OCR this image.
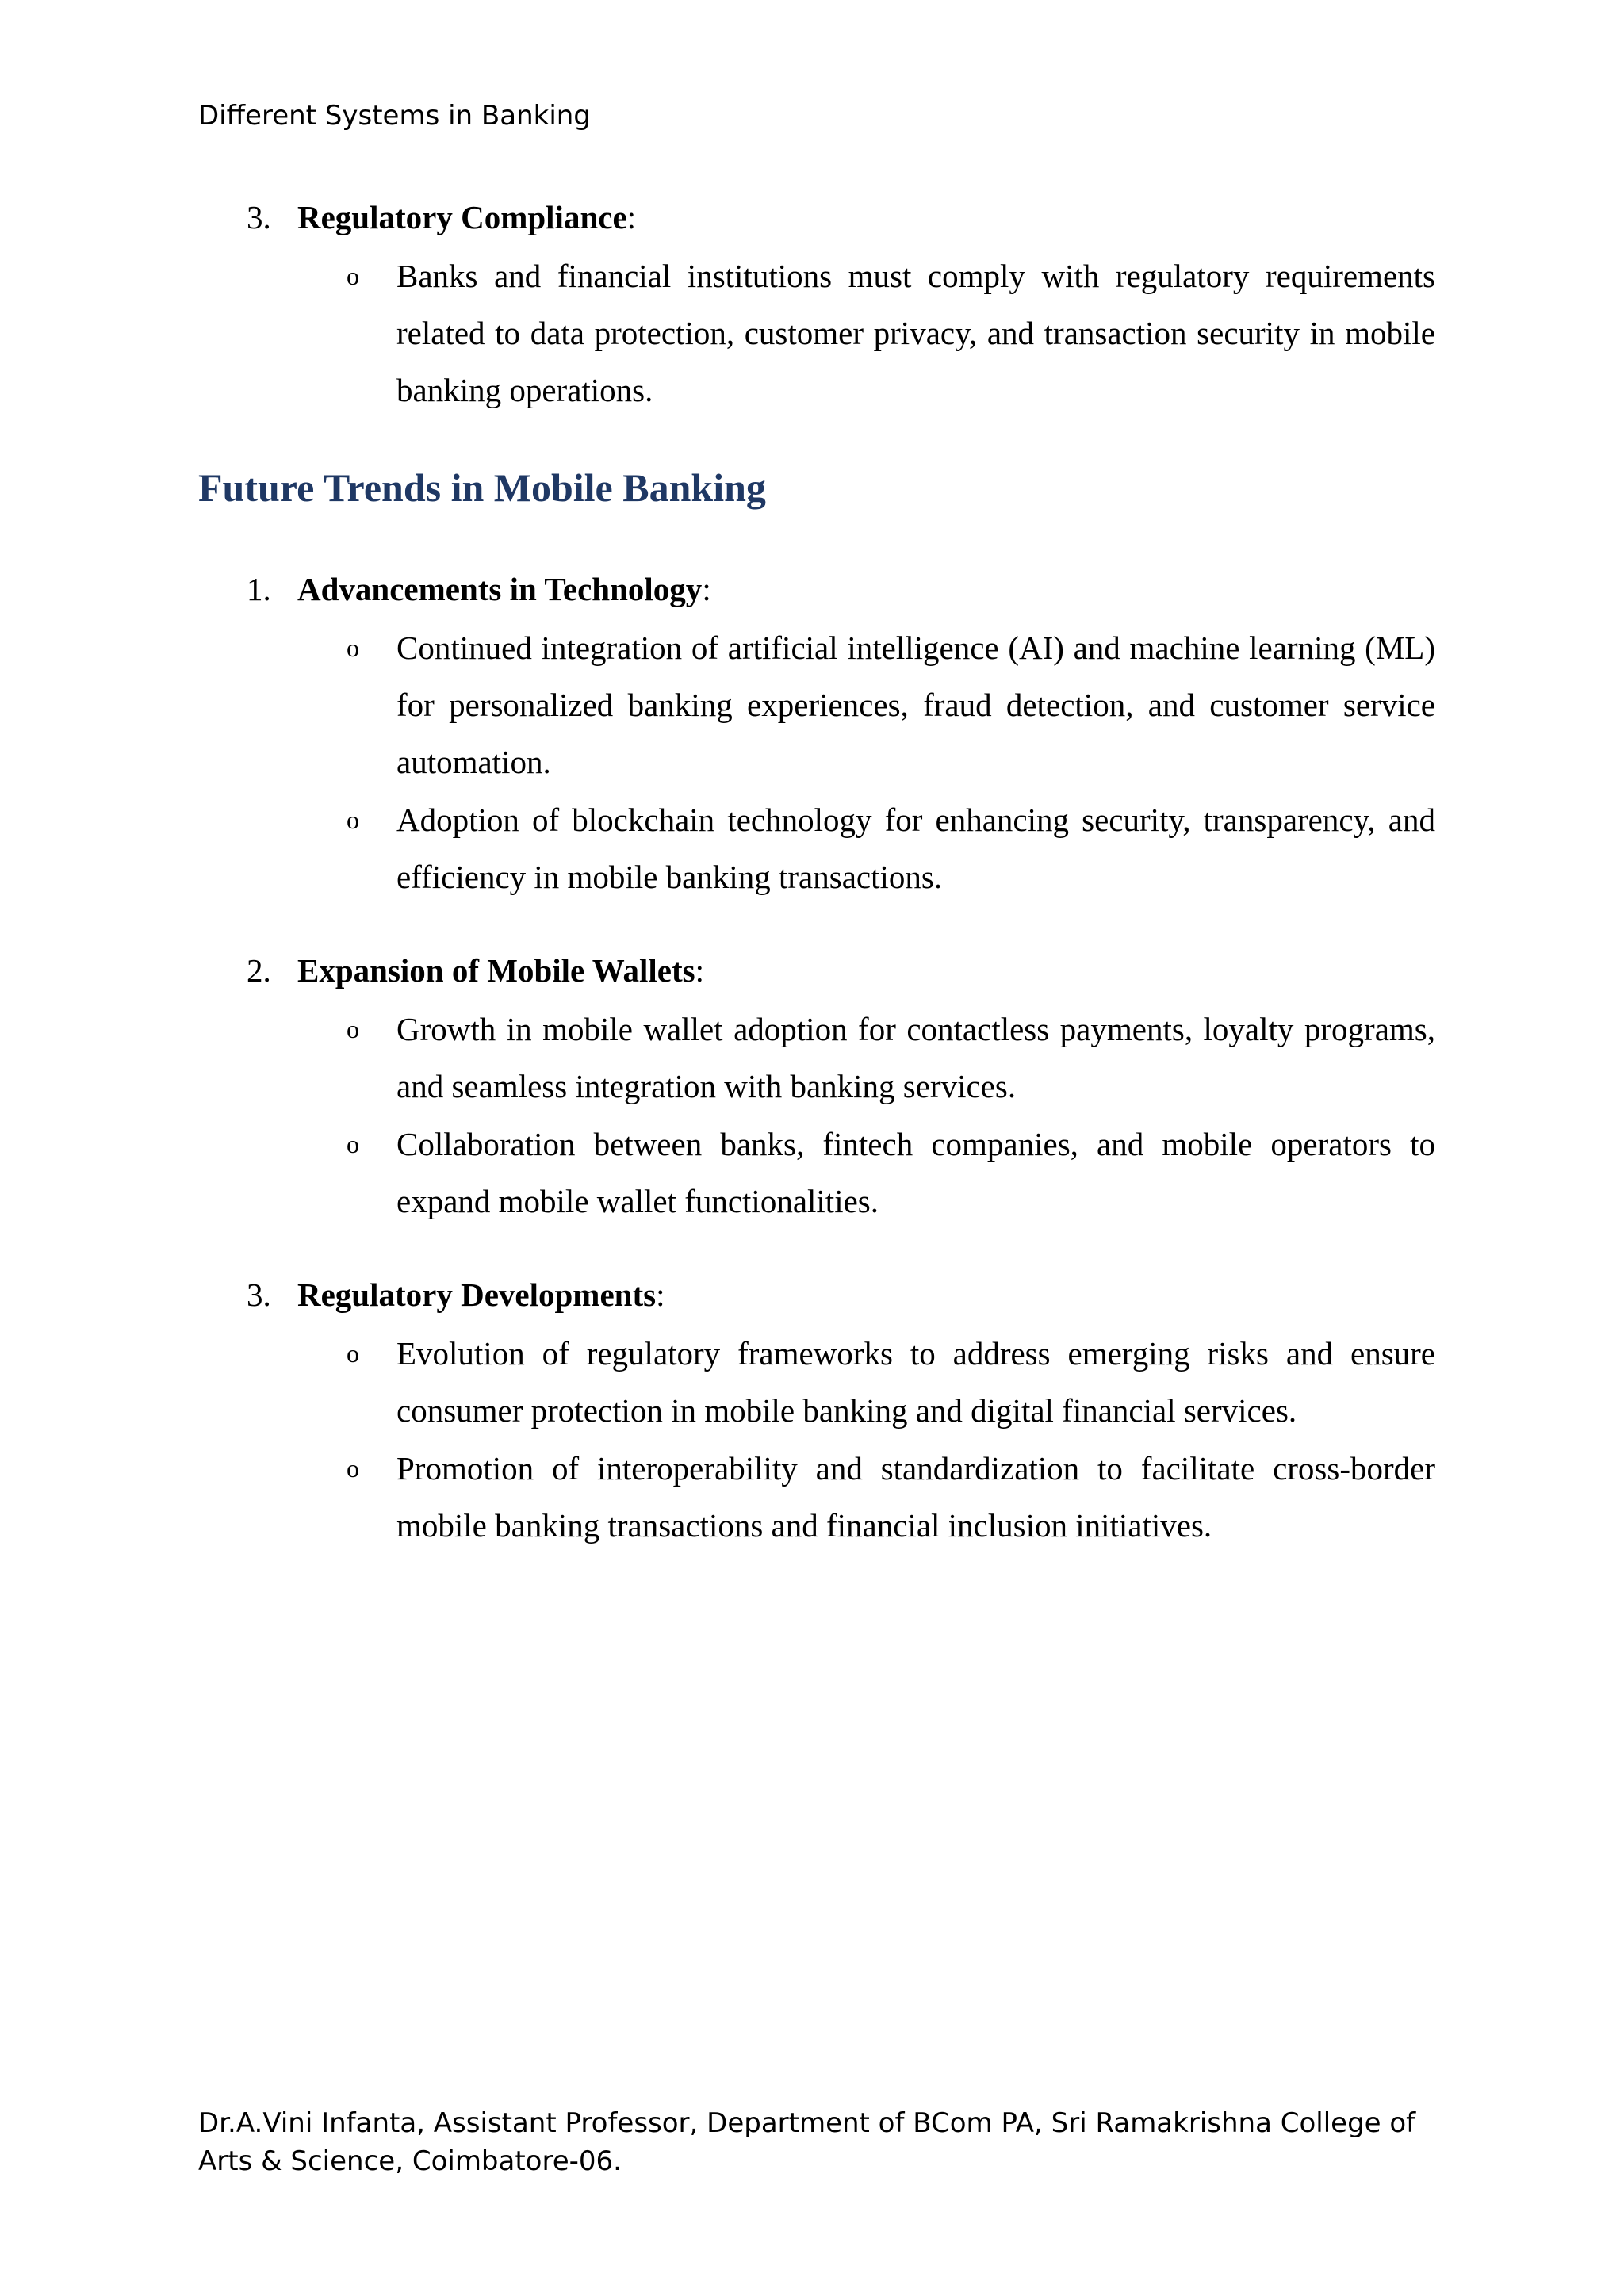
Different Systems in Banking
3. Regulatory Compliance:
o Banks and financial institutions must comply with regulatory requirements related to data protection, customer privacy, and transaction security in mobile banking operations.
Future Trends in Mobile Banking
1. Advancements in Technology:
o Continued integration of artificial intelligence (AI) and machine learning (ML) for personalized banking experiences, fraud detection, and customer service automation.
o Adoption of blockchain technology for enhancing security, transparency, and efficiency in mobile banking transactions.
2. Expansion of Mobile Wallets:
o Growth in mobile wallet adoption for contactless payments, loyalty programs, and seamless integration with banking services.
o Collaboration between banks, fintech companies, and mobile operators to expand mobile wallet functionalities.
3. Regulatory Developments:
o Evolution of regulatory frameworks to address emerging risks and ensure consumer protection in mobile banking and digital financial services.
o Promotion of interoperability and standardization to facilitate cross-border mobile banking transactions and financial inclusion initiatives.
Dr.A.Vini Infanta, Assistant Professor, Department of BCom PA, Sri Ramakrishna College of Arts & Science, Coimbatore-06.
